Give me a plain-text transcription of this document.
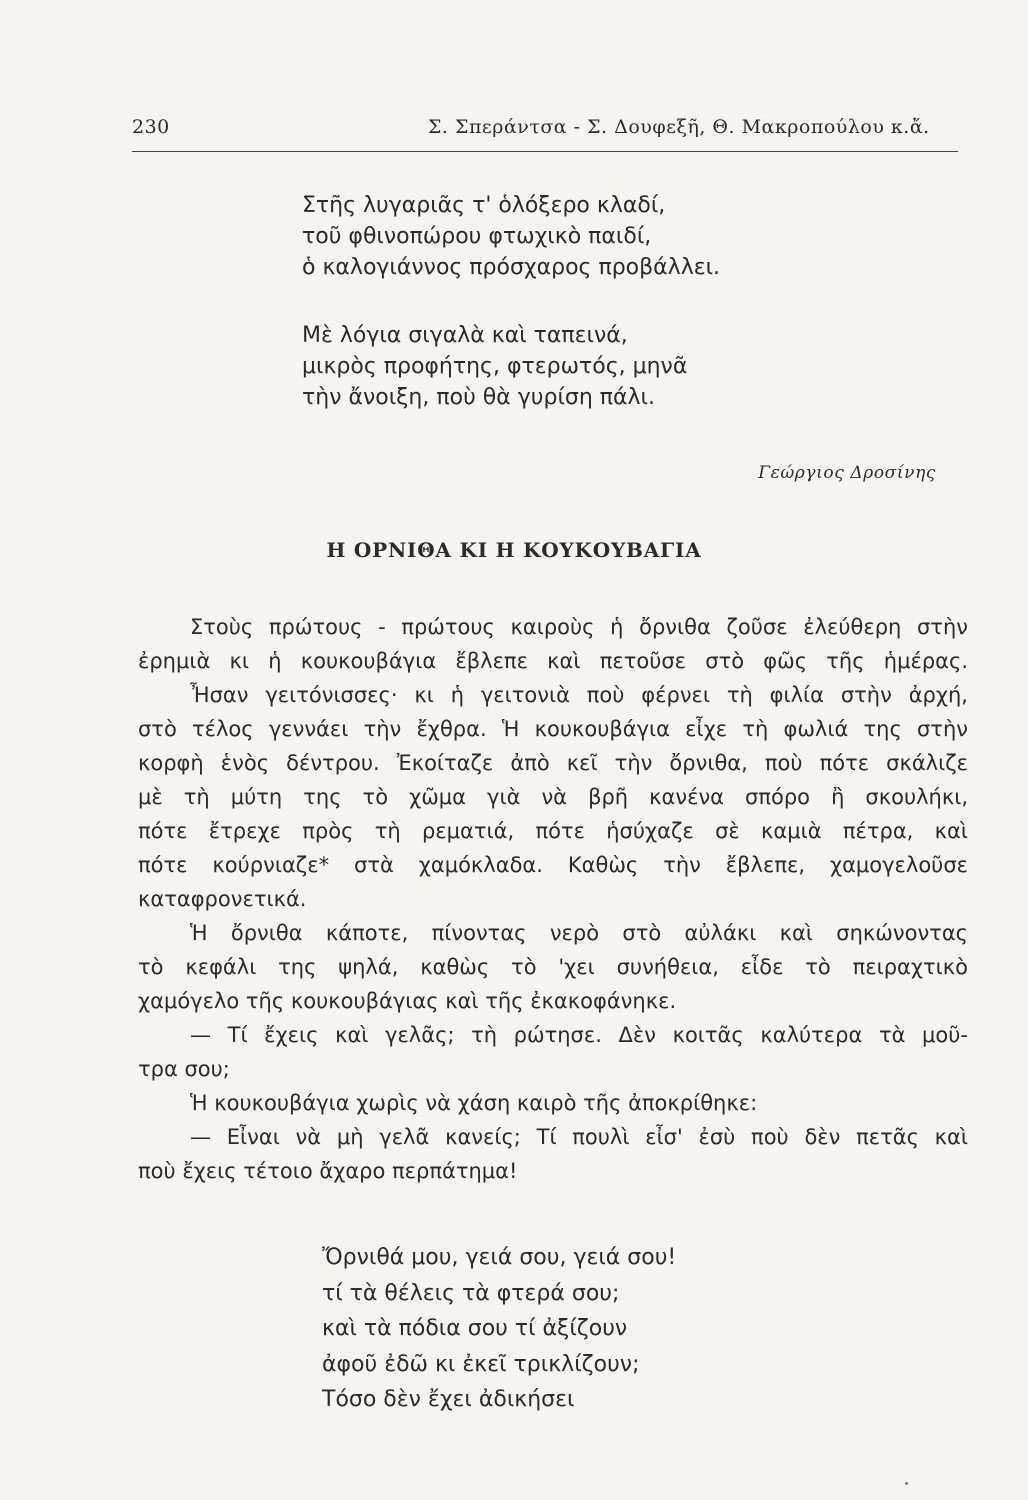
230	Σ. Σπεράντσα - Σ. Δουφεξῆ, Θ. Μακροπούλου κ.ἄ.
Στῆς λυγαριᾶς τ' ὁλόξερο κλαδί,
τοῦ φθινοπώρου φτωχικὸ παιδί,
ὁ καλογιάννος πρόσχαρος προβάλλει.
Μὲ λόγια σιγαλὰ καὶ ταπεινά,
μικρὸς προφήτης, φτερωτός, μηνᾶ
τὴν ἄνοιξη, ποὺ θὰ γυρίση πάλι.
Γεώργιος Δροσίνης
Η ΟΡΝΙΘΑ ΚΙ Η ΚΟΥΚΟΥΒΑΓΙΑ
Στοὺς πρώτους - πρώτους καιροὺς ἡ ὄρνιθα ζοῦσε ἐλεύθερη στὴν
ἐρημιὰ κι ἡ κουκουβάγια ἔβλεπε καὶ πετοῦσε στὸ φῶς τῆς ἡμέρας.
Ἦσαν γειτόνισσες· κι ἡ γειτονιὰ ποὺ φέρνει τὴ φιλία στὴν ἀρχή,
στὸ τέλος γεννάει τὴν ἔχθρα. Ἡ κουκουβάγια εἶχε τὴ φωλιά της στὴν
κορφὴ ἑνὸς δέντρου. Ἐκοίταζε ἀπὸ κεῖ τὴν ὄρνιθα, ποὺ πότε σκάλιζε
μὲ τὴ μύτη της τὸ χῶμα γιὰ νὰ βρῆ κανένα σπόρο ἢ σκουλήκι,
πότε ἔτρεχε πρὸς τὴ ρεματιά, πότε ἡσύχαζε σὲ καμιὰ πέτρα, καὶ
πότε κούρνιαζε* στὰ χαμόκλαδα. Καθὼς τὴν ἔβλεπε, χαμογελοῦσε
καταφρονετικά.
Ἡ ὄρνιθα κάποτε, πίνοντας νερὸ στὸ αὐλάκι καὶ σηκώνοντας
τὸ κεφάλι της ψηλά, καθὼς τὸ 'χει συνήθεια, εἶδε τὸ πειραχτικὸ
χαμόγελο τῆς κουκουβάγιας καὶ τῆς ἐκακοφάνηκε.
— Τί ἔχεις καὶ γελᾶς; τὴ ρώτησε. Δὲν κοιτᾶς καλύτερα τὰ μοῦ-
τρα σου;
Ἡ κουκουβάγια χωρὶς νὰ χάση καιρὸ τῆς ἀποκρίθηκε:
— Εἶναι νὰ μὴ γελᾶ κανείς; Τί πουλὶ εἶσ' ἐσὺ ποὺ δὲν πετᾶς καὶ
ποὺ ἔχεις τέτοιο ἄχαρο περπάτημα!
Ὄρνιθά μου, γειά σου, γειά σου!
τί τὰ θέλεις τὰ φτερά σου;
καὶ τὰ πόδια σου τί ἀξίζουν
ἀφοῦ ἐδῶ κι ἐκεῖ τρικλίζουν;
Τόσο δὲν ἔχει ἀδικήσει
